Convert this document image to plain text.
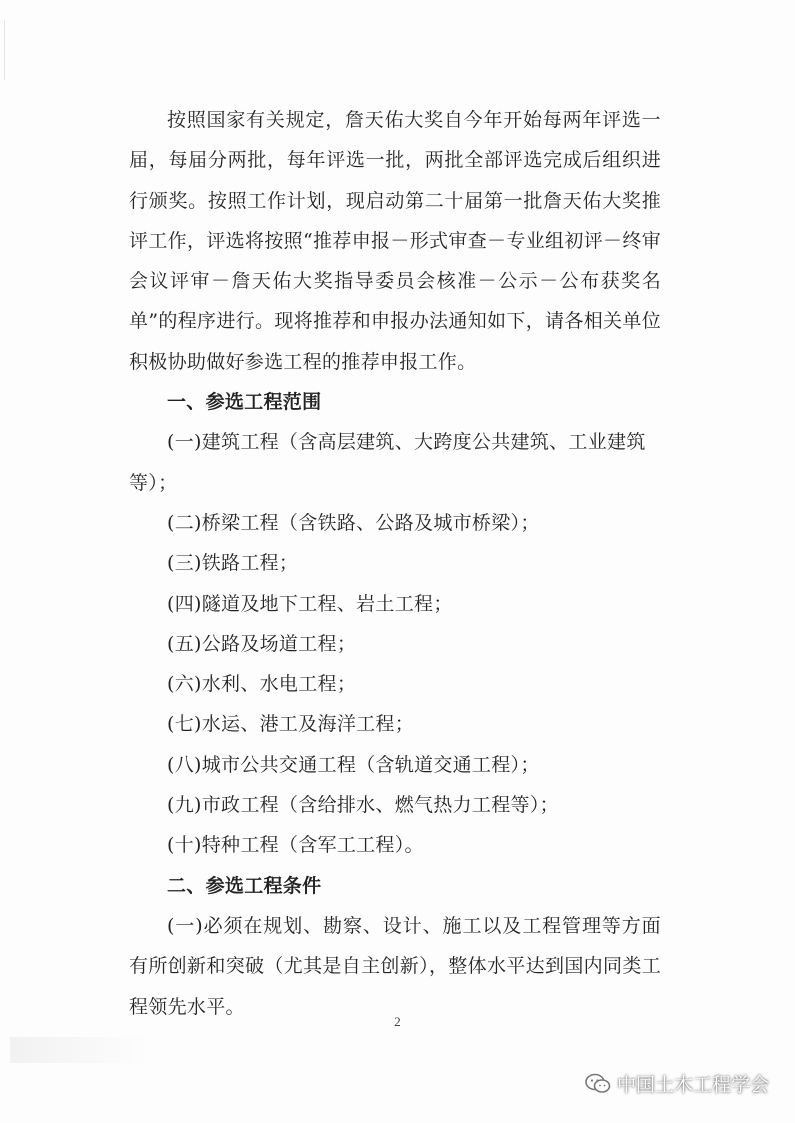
按照国家有关规定，詹天佑大奖自今年开始每两年评选一届，每届分两批，每年评选一批，两批全部评选完成后组织进行颁奖。按照工作计划，现启动第二十届第一批詹天佑大奖推评工作，评选将按照“推荐申报－形式审查－专业组初评－终审会议评审－詹天佑大奖指导委员会核准－公示－公布获奖名单”的程序进行。现将推荐和申报办法通知如下，请各相关单位积极协助做好参选工程的推荐申报工作。

一、参选工程范围

(一)建筑工程（含高层建筑、大跨度公共建筑、工业建筑等）；

(二)桥梁工程（含铁路、公路及城市桥梁）；

(三)铁路工程；

(四)隧道及地下工程、岩土工程；

(五)公路及场道工程；

(六)水利、水电工程；

(七)水运、港工及海洋工程；

(八)城市公共交通工程（含轨道交通工程）；

(九)市政工程（含给排水、燃气热力工程等）；

(十)特种工程（含军工工程）。

二、参选工程条件

(一)必须在规划、勘察、设计、施工以及工程管理等方面有所创新和突破（尤其是自主创新），整体水平达到国内同类工程领先水平。

2
中国土木工程学会
